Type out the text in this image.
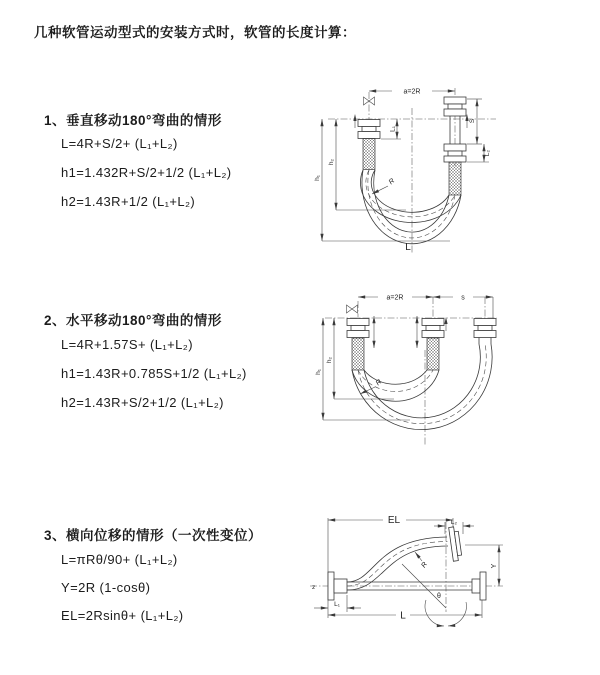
几种软管运动型式的安装方式时，软管的长度计算：
1、垂直移动180°弯曲的情形
L=4R+S/2+ (L₁+L₂)
h1=1.432R+S/2+1/2 (L₁+L₂)
h2=1.43R+1/2 (L₁+L₂)
2、水平移动180°弯曲的情形
L=4R+1.57S+ (L₁+L₂)
h1=1.43R+0.785S+1/2 (L₁+L₂)
h2=1.43R+S/2+1/2 (L₁+L₂)
3、横向位移的情形（一次性变位）
L=πRθ/90+ (L₁+L₂)
Y=2R (1-cosθ)
EL=2Rsinθ+ (L₁+L₂)
a=2R
h₁
h₂
L₁
S
L₂
R
L
a=2R	s
h₁
h₂
R
EL	L₂
Y
L
L₁
R
θ
z
